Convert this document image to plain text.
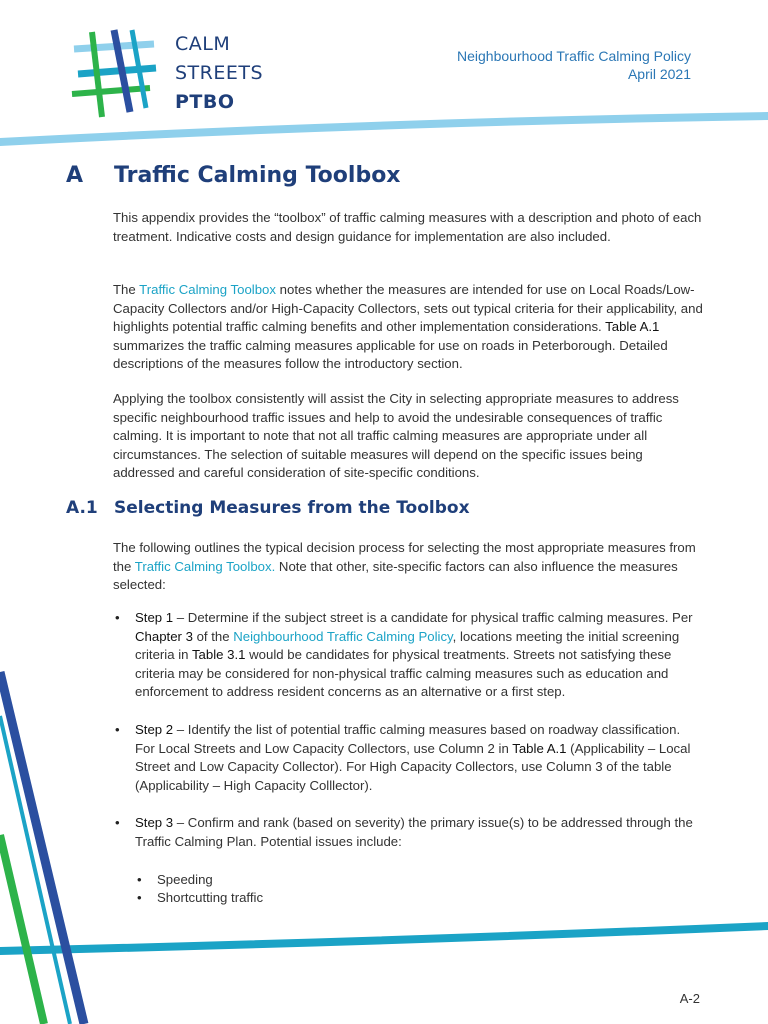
CALM
STREETS
PTBO
Neighbourhood Traffic Calming Policy
April 2021
A Traffic Calming Toolbox

This appendix provides the “toolbox” of traffic calming measures with a description and photo of each treatment. Indicative costs and design guidance for implementation are also included.

The Traffic Calming Toolbox notes whether the measures are intended for use on Local Roads/Low-Capacity Collectors and/or High-Capacity Collectors, sets out typical criteria for their applicability, and highlights potential traffic calming benefits and other implementation considerations. Table A.1 summarizes the traffic calming measures applicable for use on roads in Peterborough. Detailed descriptions of the measures follow the introductory section.

Applying the toolbox consistently will assist the City in selecting appropriate measures to address specific neighbourhood traffic issues and help to avoid the undesirable consequences of traffic calming. It is important to note that not all traffic calming measures are appropriate under all circumstances. The selection of suitable measures will depend on the specific issues being addressed and careful consideration of site-specific conditions.

A.1 Selecting Measures from the Toolbox

The following outlines the typical decision process for selecting the most appropriate measures from the Traffic Calming Toolbox. Note that other, site-specific factors can also influence the measures selected:

• Step 1 – Determine if the subject street is a candidate for physical traffic calming measures. Per Chapter 3 of the Neighbourhood Traffic Calming Policy, locations meeting the initial screening criteria in Table 3.1 would be candidates for physical treatments. Streets not satisfying these criteria may be considered for non-physical traffic calming measures such as education and enforcement to address resident concerns as an alternative or a first step.
• Step 2 – Identify the list of potential traffic calming measures based on roadway classification. For Local Streets and Low Capacity Collectors, use Column 2 in Table A.1 (Applicability – Local Street and Low Capacity Collector). For High Capacity Collectors, use Column 3 of the table (Applicability – High Capacity Colllector).
• Step 3 – Confirm and rank (based on severity) the primary issue(s) to be addressed through the Traffic Calming Plan. Potential issues include:
• Speeding
• Shortcutting traffic
A-2
